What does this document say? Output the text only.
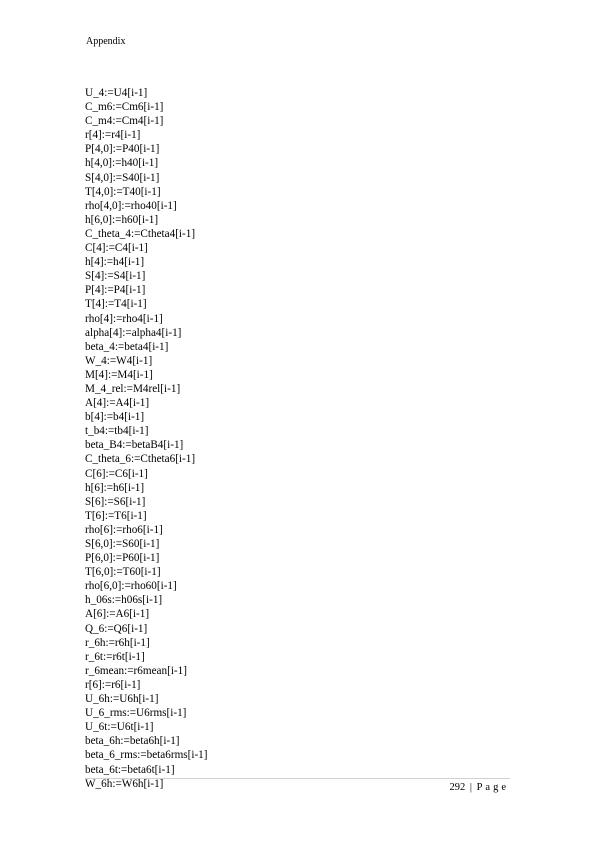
Appendix
U_4:=U4[i-1]
C_m6:=Cm6[i-1]
C_m4:=Cm4[i-1]
r[4]:=r4[i-1]
P[4,0]:=P40[i-1]
h[4,0]:=h40[i-1]
S[4,0]:=S40[i-1]
T[4,0]:=T40[i-1]
rho[4,0]:=rho40[i-1]
h[6,0]:=h60[i-1]
C_theta_4:=Ctheta4[i-1]
C[4]:=C4[i-1]
h[4]:=h4[i-1]
S[4]:=S4[i-1]
P[4]:=P4[i-1]
T[4]:=T4[i-1]
rho[4]:=rho4[i-1]
alpha[4]:=alpha4[i-1]
beta_4:=beta4[i-1]
W_4:=W4[i-1]
M[4]:=M4[i-1]
M_4_rel:=M4rel[i-1]
A[4]:=A4[i-1]
b[4]:=b4[i-1]
t_b4:=tb4[i-1]
beta_B4:=betaB4[i-1]
C_theta_6:=Ctheta6[i-1]
C[6]:=C6[i-1]
h[6]:=h6[i-1]
S[6]:=S6[i-1]
T[6]:=T6[i-1]
rho[6]:=rho6[i-1]
S[6,0]:=S60[i-1]
P[6,0]:=P60[i-1]
T[6,0]:=T60[i-1]
rho[6,0]:=rho60[i-1]
h_06s:=h06s[i-1]
A[6]:=A6[i-1]
Q_6:=Q6[i-1]
r_6h:=r6h[i-1]
r_6t:=r6t[i-1]
r_6mean:=r6mean[i-1]
r[6]:=r6[i-1]
U_6h:=U6h[i-1]
U_6_rms:=U6rms[i-1]
U_6t:=U6t[i-1]
beta_6h:=beta6h[i-1]
beta_6_rms:=beta6rms[i-1]
beta_6t:=beta6t[i-1]
W_6h:=W6h[i-1]	292 | Page
